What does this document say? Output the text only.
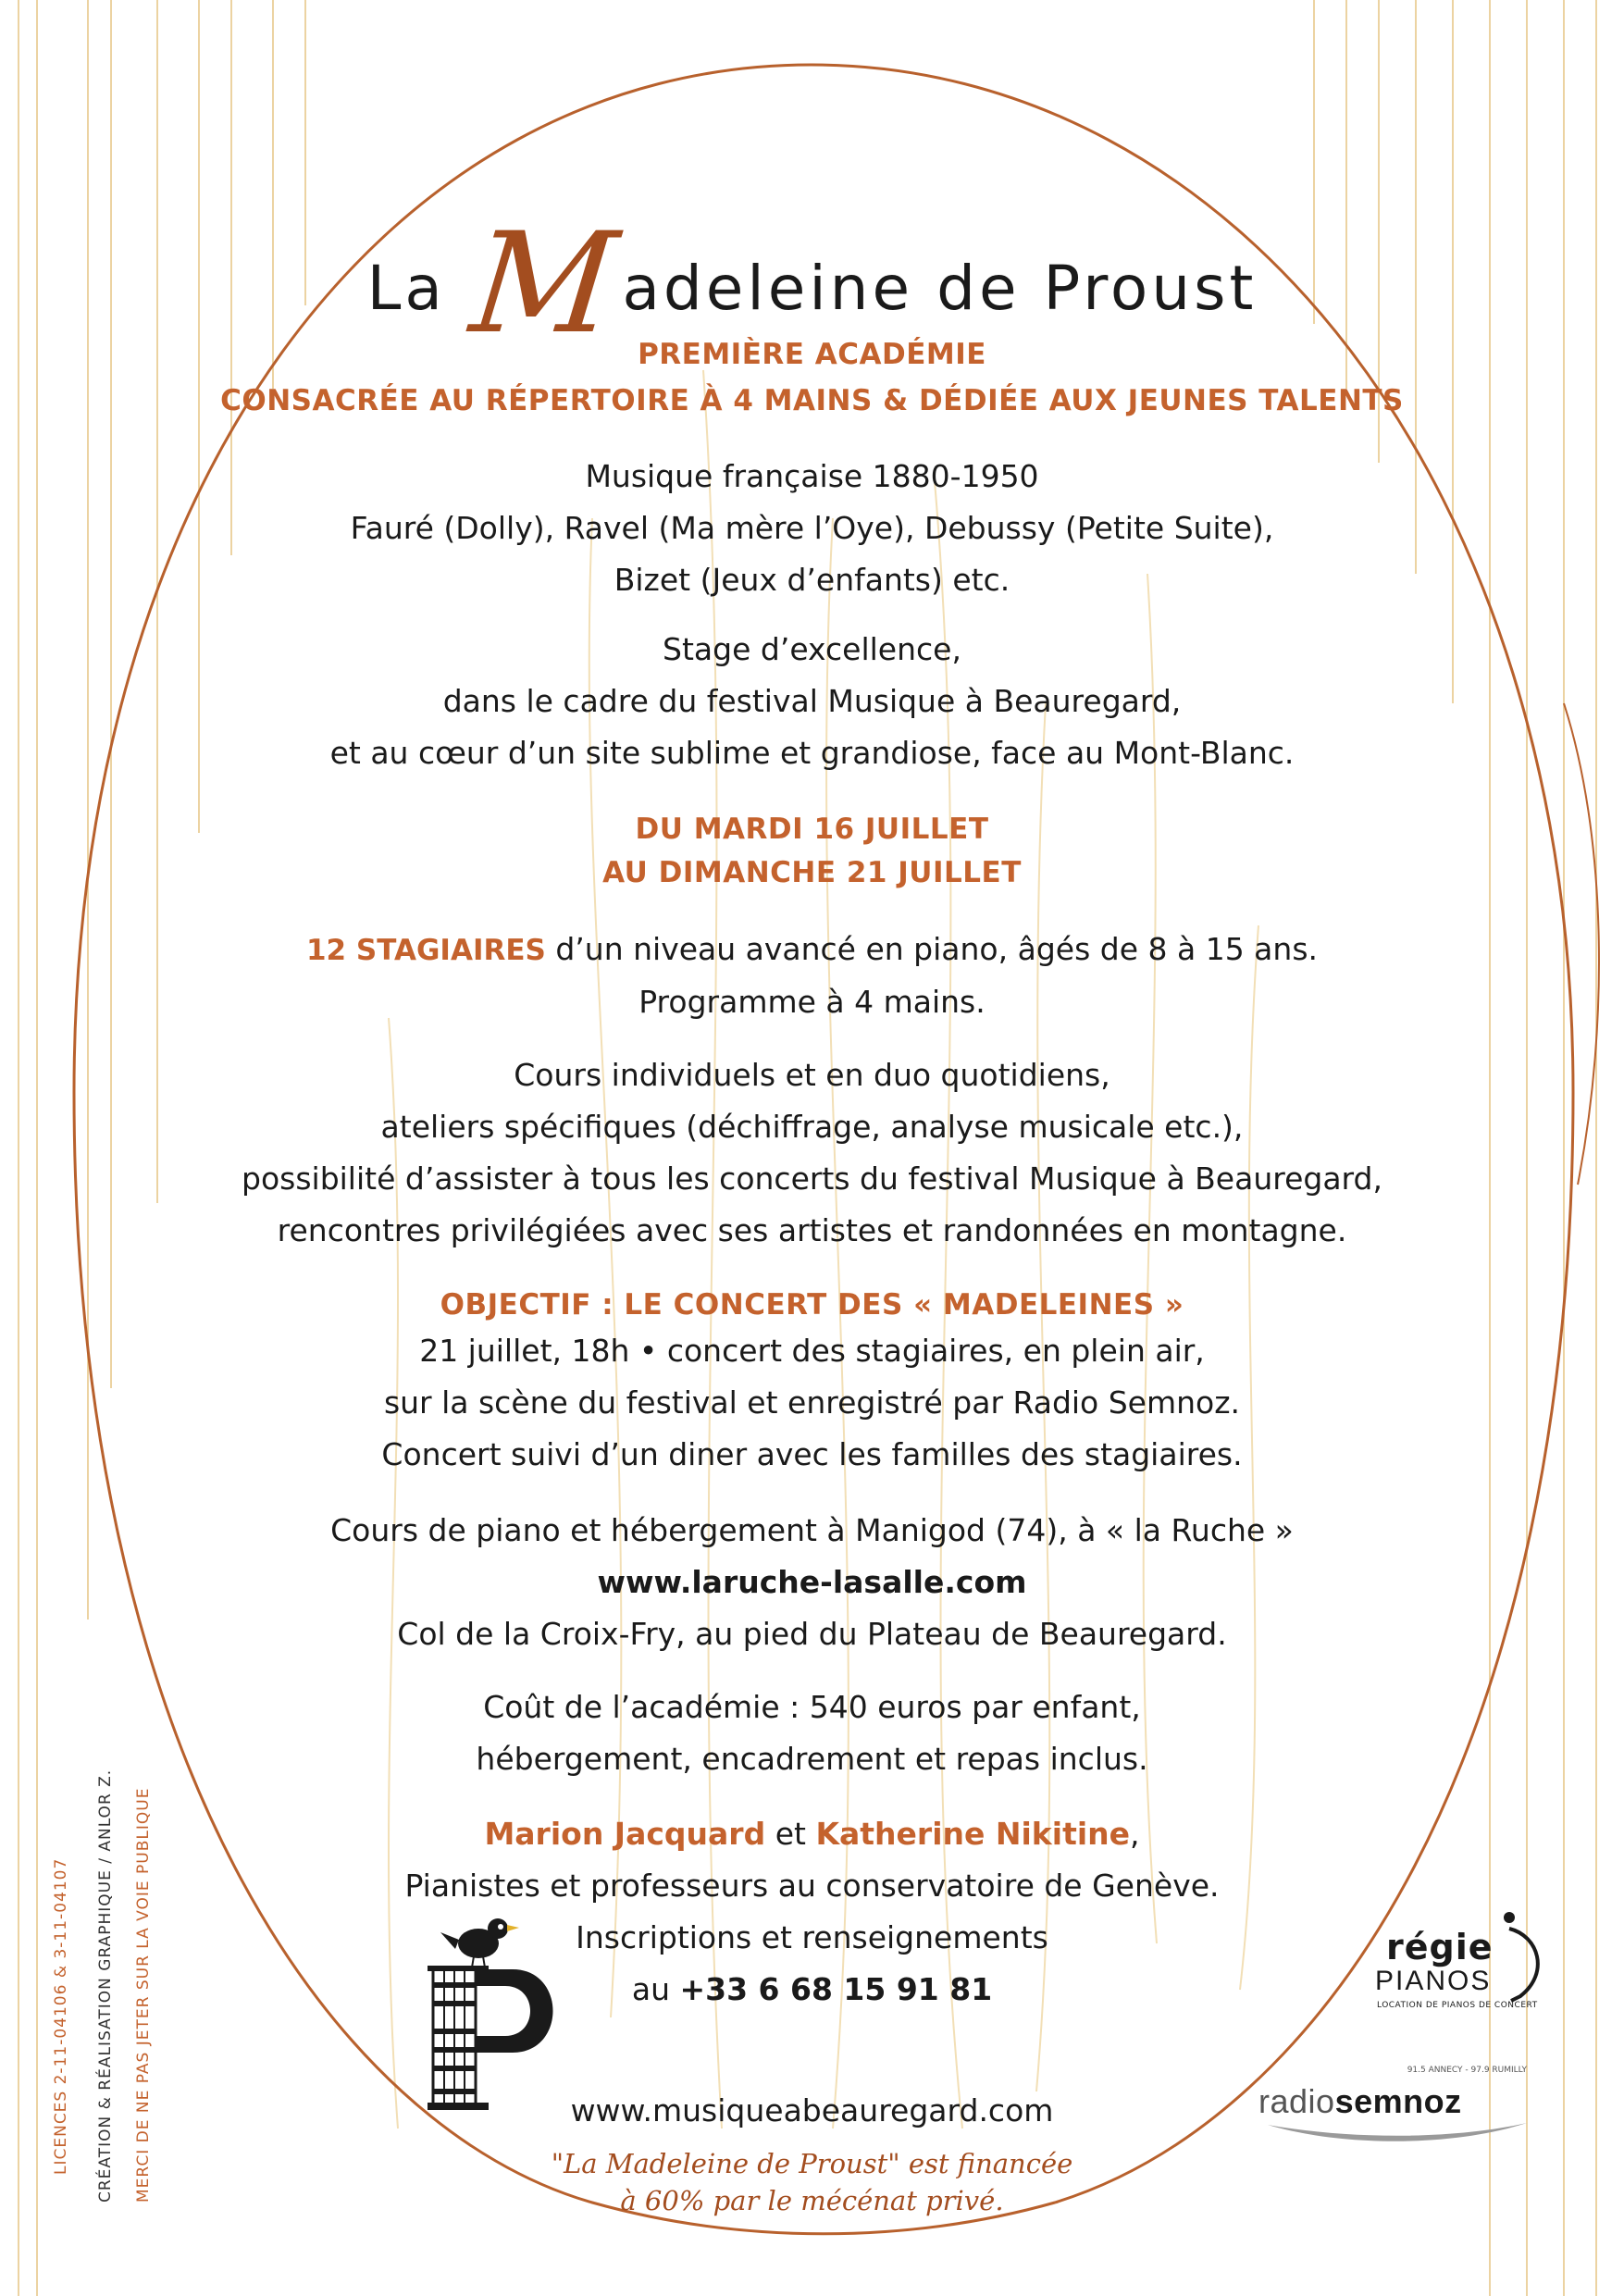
La Madeleine de Proust

PREMIÈRE ACADÉMIE

CONSACRÉE AU RÉPERTOIRE À 4 MAINS & DÉDIÉE AUX JEUNES TALENTS

Musique française 1880-1950
Fauré (Dolly), Ravel (Ma mère l’Oye), Debussy (Petite Suite),
Bizet (Jeux d’enfants) etc.
Stage d’excellence,
dans le cadre du festival Musique à Beauregard,
et au cœur d’un site sublime et grandiose, face au Mont-Blanc.

DU MARDI 16 JUILLET

AU DIMANCHE 21 JUILLET

12 STAGIAIRES d’un niveau avancé en piano, âgés de 8 à 15 ans.
Programme à 4 mains.
Cours individuels et en duo quotidiens,
ateliers spécifiques (déchiffrage, analyse musicale etc.),
possibilité d’assister à tous les concerts du festival Musique à Beauregard,
rencontres privilégiées avec ses artistes et randonnées en montagne.

OBJECTIF : LE CONCERT DES « MADELEINES »

21 juillet, 18h • concert des stagiaires, en plein air,
sur la scène du festival et enregistré par Radio Semnoz.
Concert suivi d’un diner avec les familles des stagiaires.
Cours de piano et hébergement à Manigod (74), à « la Ruche »
www.laruche-lasalle.com
Col de la Croix-Fry, au pied du Plateau de Beauregard.
Coût de l’académie : 540 euros par enfant,
hébergement, encadrement et repas inclus.
Marion Jacquard et Katherine Nikitine,
Pianistes et professeurs au conservatoire de Genève.
Inscriptions et renseignements
au +33 6 68 15 91 81

www.musiqueabeauregard.com

"La Madeleine de Proust" est financée
à 60% par le mécénat privé.
régie
PIANOS
LOCATION DE PIANOS DE CONCERT
91.5 ANNECY - 97.9 RUMILLY
radiosemnoz
LICENCES 2-11-04106 & 3-11-04107 CRÉATION & RÉALISATION GRAPHIQUE / ANLOR Z. MERCI DE NE PAS JETER SUR LA VOIE PUBLIQUE
